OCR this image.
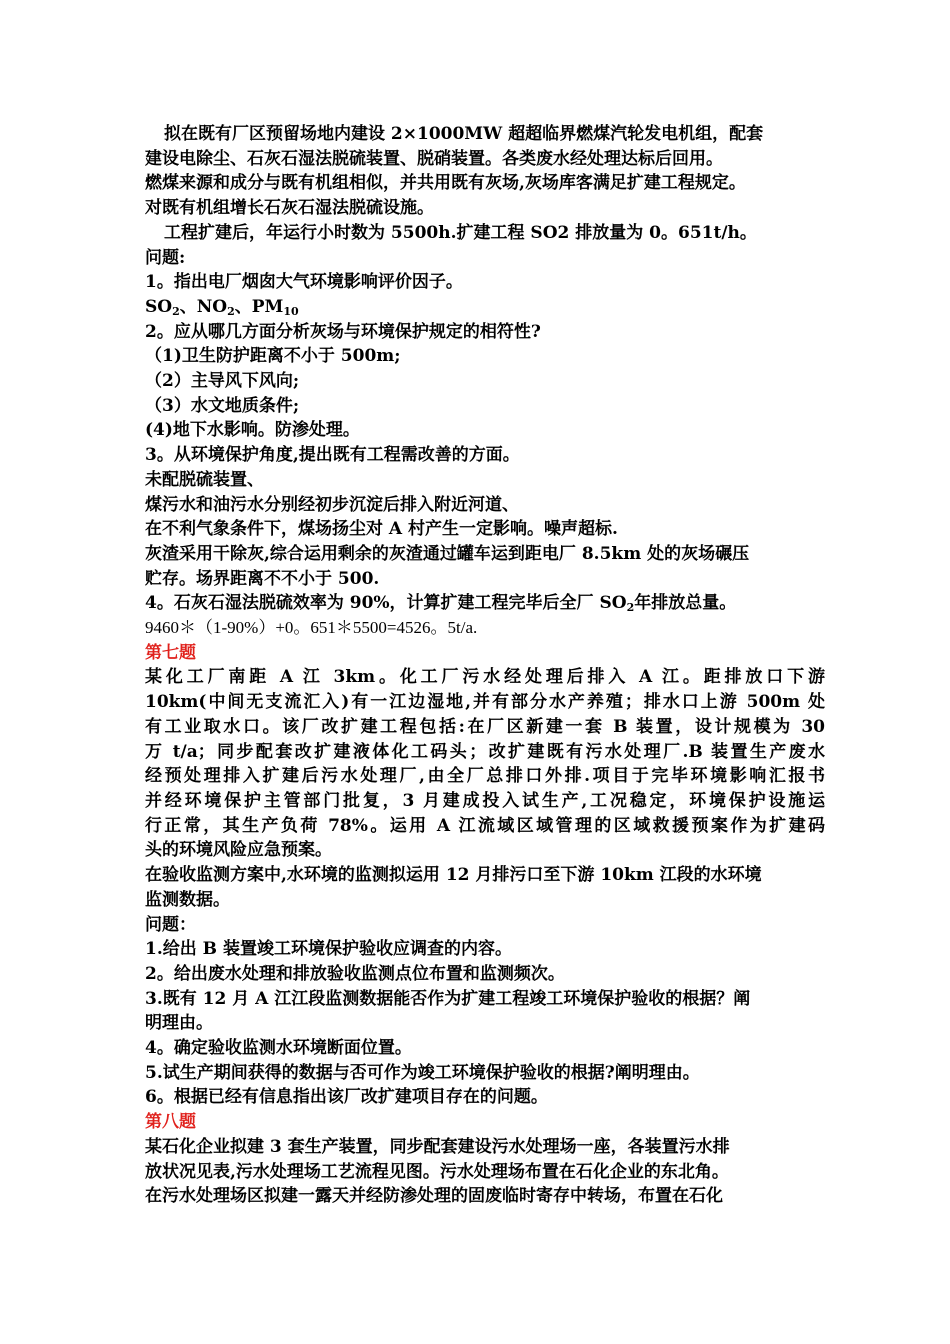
拟在既有厂区预留场地内建设 2×1000MW 超超临界燃煤汽轮发电机组，配套
建设电除尘、石灰石湿法脱硫装置、脱硝装置。各类废水经处理达标后回用。
燃煤来源和成分与既有机组相似，并共用既有灰场,灰场库客满足扩建工程规定。
对既有机组增长石灰石湿法脱硫设施。
工程扩建后，年运行小时数为 5500h.扩建工程 SO2 排放量为 0。651t/h。
问题:
1。指出电厂烟囱大气环境影响评价因子。
$SO_2$、$NO_2$、$PM_{10}$
2。应从哪几方面分析灰场与环境保护规定的相符性?
（1)卫生防护距离不小于 500m;
（2）主导风下风向;
（3）水文地质条件;
(4)地下水影响。防渗处理。
3。从环境保护角度,提出既有工程需改善的方面。
未配脱硫装置、
煤污水和油污水分别经初步沉淀后排入附近河道、
在不利气象条件下，煤场扬尘对 A 村产生一定影响。噪声超标.
灰渣采用干除灰,综合运用剩余的灰渣通过罐车运到距电厂 8.5km 处的灰场碾压
贮存。场界距离不不小于 500.
4。石灰石湿法脱硫效率为 90%，计算扩建工程完毕后全厂 $SO_2$年排放总量。
9460＊（1-90%）+0。651＊5500=4526。5t/a.
第七题
某化工厂南距 A 江 3km。化工厂污水经处理后排入 A 江。距排放口下游
10km(中间无支流汇入)有一江边湿地,并有部分水产养殖；排水口上游 500m 处
有工业取水口。该厂改扩建工程包括:在厂区新建一套 B 装置，设计规模为 30
万 t/a；同步配套改扩建液体化工码头；改扩建既有污水处理厂.B 装置生产废水
经预处理排入扩建后污水处理厂,由全厂总排口外排.项目于完毕环境影响汇报书
并经环境保护主管部门批复，3 月建成投入试生产,工况稳定，环境保护设施运
行正常，其生产负荷 78%。运用 A 江流域区域管理的区域救援预案作为扩建码
头的环境风险应急预案。
在验收监测方案中,水环境的监测拟运用 12 月排污口至下游 10km 江段的水环境
监测数据。
问题：
1.给出 B 装置竣工环境保护验收应调查的内容。
2。给出废水处理和排放验收监测点位布置和监测频次。
3.既有 12 月 A 江江段监测数据能否作为扩建工程竣工环境保护验收的根据？阐
明理由。
4。确定验收监测水环境断面位置。
5.试生产期间获得的数据与否可作为竣工环境保护验收的根据?阐明理由。
6。根据已经有信息指出该厂改扩建项目存在的问题。
第八题
某石化企业拟建 3 套生产装置，同步配套建设污水处理场一座，各装置污水排
放状况见表,污水处理场工艺流程见图。污水处理场布置在石化企业的东北角。
在污水处理场区拟建一露天并经防渗处理的固废临时寄存中转场，布置在石化
